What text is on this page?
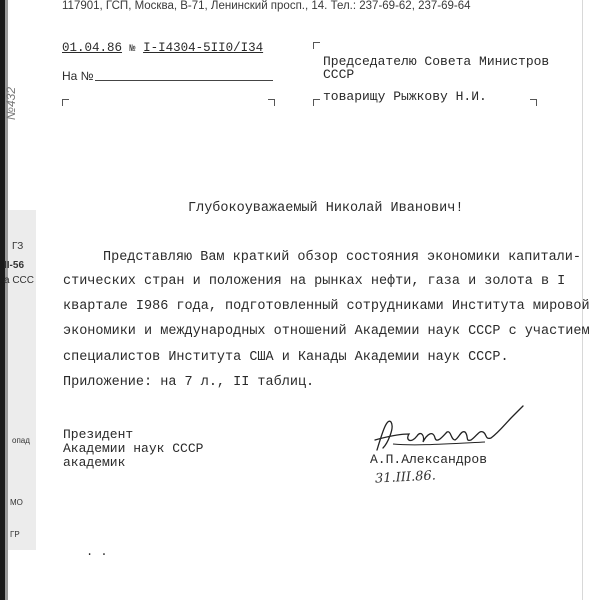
№432
ГЗ
II-56
а ССС
опад
МО
ГР
117901, ГСП, Москва, В-71, Ленинский просп., 14. Тел.: 237-69-62, 237-69-64
01.04.86 № I-I4304-5II0/I34
На №
Председателю Совета Министров
СССР
товарищу Рыжкову Н.И.
Глубокоуважаемый Николай Иванович!
Представляю Вам краткий обзор состояния экономики капитали-
стических стран и положения на рынках нефти, газа и золота в I
квартале I986 года, подготовленный сотрудниками Института мировой
экономики и международных отношений Академии наук СССР с участием
специалистов Института США и Канады Академии наук СССР.
Приложение: на 7 л., II таблиц.
Президент
Академии наук СССР
академик	А.П.Александров
31.III.86.
. .
